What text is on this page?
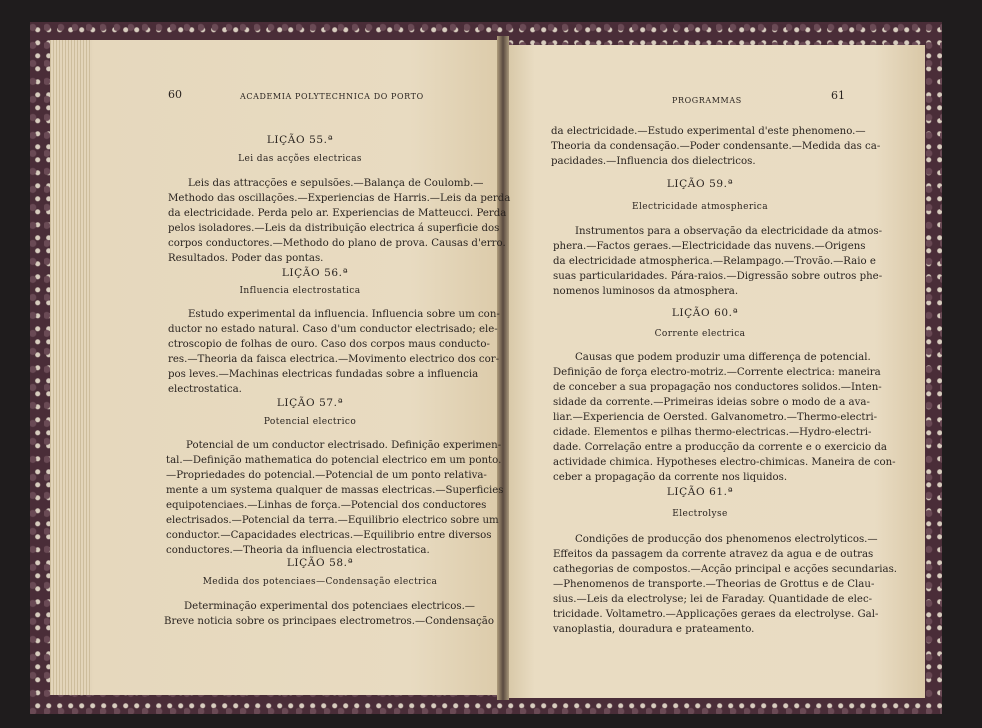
60	ACADEMIA POLYTECHNICA DO PORTO
LIÇÃO 55.ª
Lei das acções electricas
Leis das attracções e sepulsões.—Balança de Coulomb.—
Methodo das oscillações.—Experiencias de Harris.—Leis da perda
da electricidade. Perda pelo ar. Experiencias de Matteucci. Perda
pelos isoladores.—Leis da distribuição electrica á superficie dos
corpos conductores.—Methodo do plano de prova. Causas d'erro.
Resultados. Poder das pontas.
LIÇÃO 56.ª
Influencia electrostatica
Estudo experimental da influencia. Influencia sobre um con-
ductor no estado natural. Caso d'um conductor electrisado; ele-
ctroscopio de folhas de ouro. Caso dos corpos maus conducto-
res.—Theoria da faisca electrica.—Movimento electrico dos cor-
pos leves.—Machinas electricas fundadas sobre a influencia
electrostatica.
LIÇÃO 57.ª
Potencial electrico
Potencial de um conductor electrisado. Definição experimen-
tal.—Definição mathematica do potencial electrico em um ponto.
—Propriedades do potencial.—Potencial de um ponto relativa-
mente a um systema qualquer de massas electricas.—Superficies
equipotenciaes.—Linhas de força.—Potencial dos conductores
electrisados.—Potencial da terra.—Equilibrio electrico sobre um
conductor.—Capacidades electricas.—Equilibrio entre diversos
conductores.—Theoria da influencia electrostatica.
LIÇÃO 58.ª
Medida dos potenciaes—Condensação electrica
Determinação experimental dos potenciaes electricos.—
Breve noticia sobre os principaes electrometros.—Condensação
PROGRAMMAS	61
da electricidade.—Estudo experimental d'este phenomeno.—
Theoria da condensação.—Poder condensante.—Medida das ca-
pacidades.—Influencia dos dielectricos.
LIÇÃO 59.ª
Electricidade atmospherica
Instrumentos para a observação da electricidade da atmos-
phera.—Factos geraes.—Electricidade das nuvens.—Origens
da electricidade atmospherica.—Relampago.—Trovão.—Raio e
suas particularidades. Pára-raios.—Digressão sobre outros phe-
nomenos luminosos da atmosphera.
LIÇÃO 60.ª
Corrente electrica
Causas que podem produzir uma differença de potencial.
Definição de força electro-motriz.—Corrente electrica: maneira
de conceber a sua propagação nos conductores solidos.—Inten-
sidade da corrente.—Primeiras ideias sobre o modo de a ava-
liar.—Experiencia de Oersted. Galvanometro.—Thermo-electri-
cidade. Elementos e pilhas thermo-electricas.—Hydro-electri-
dade. Correlação entre a producção da corrente e o exercicio da
actividade chimica. Hypotheses electro-chimicas. Maneira de con-
ceber a propagação da corrente nos liquidos.
LIÇÃO 61.ª
Electrolyse
Condições de producção dos phenomenos electrolyticos.—
Effeitos da passagem da corrente atravez da agua e de outras
cathegorias de compostos.—Acção principal e acções secundarias.
—Phenomenos de transporte.—Theorias de Grottus e de Clau-
sius.—Leis da electrolyse; lei de Faraday. Quantidade de elec-
tricidade. Voltametro.—Applicações geraes da electrolyse. Gal-
vanoplastia, douradura e prateamento.
